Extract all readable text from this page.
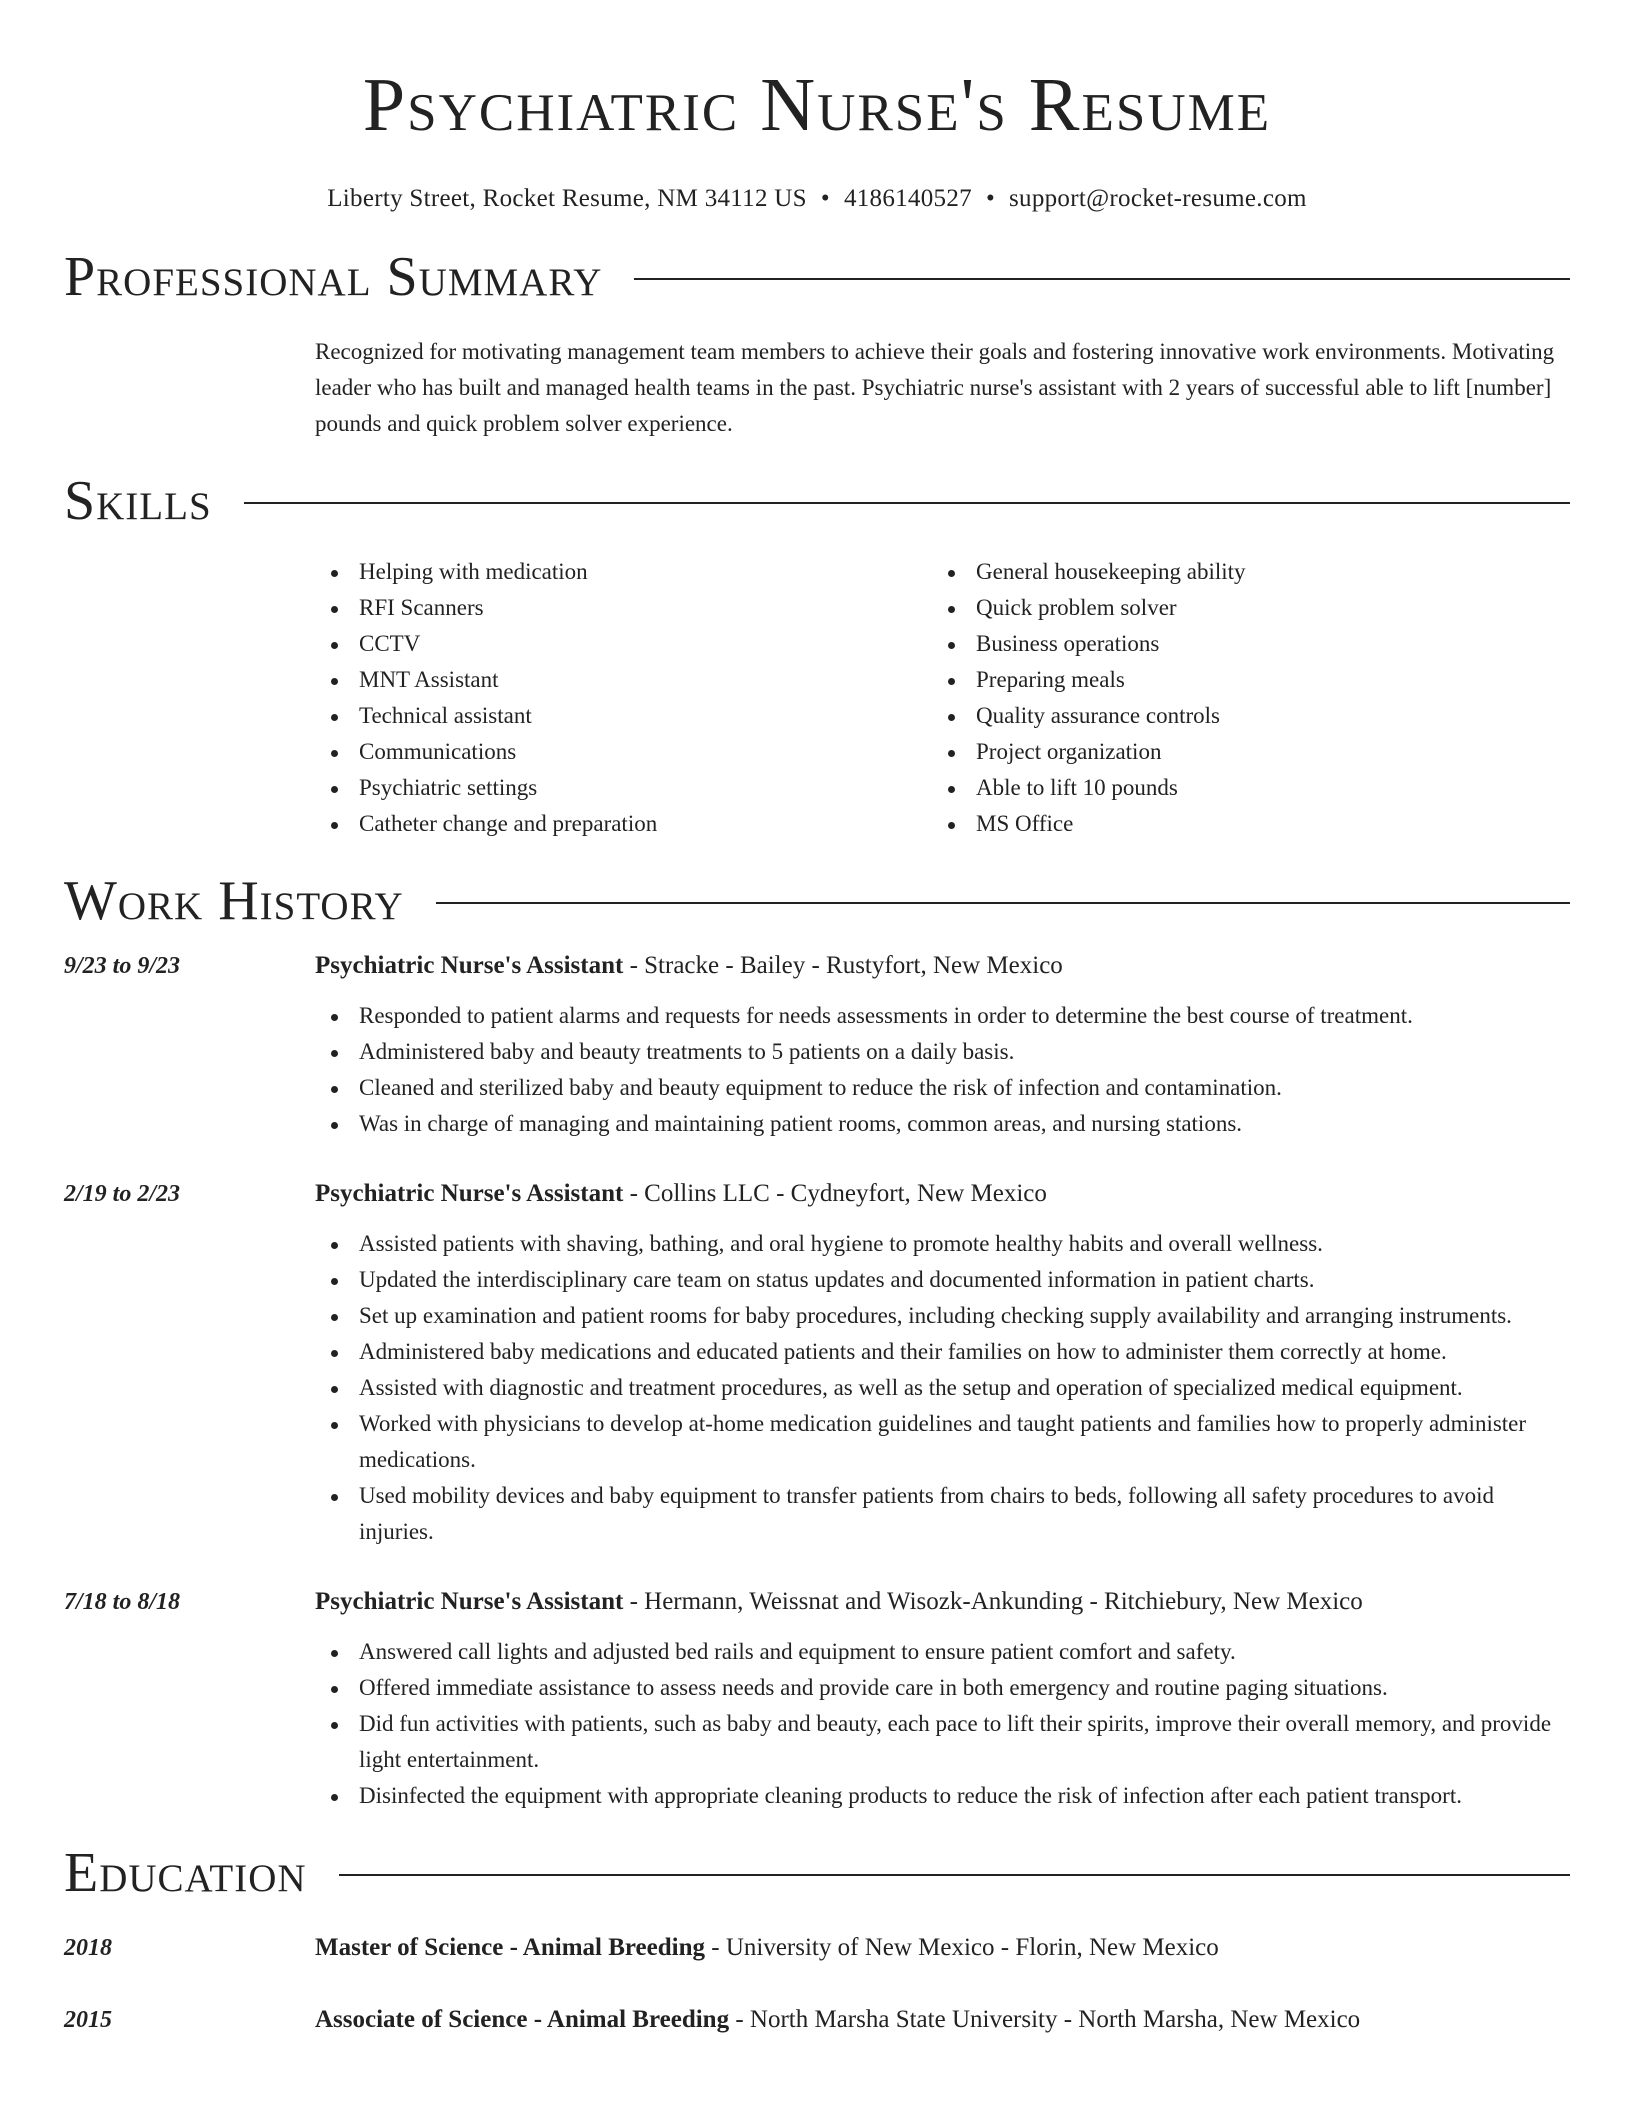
Psychiatric Nurse's Resume
Liberty Street, Rocket Resume, NM 34112 US • 4186140527 • support@rocket-resume.com
Professional Summary
Recognized for motivating management team members to achieve their goals and fostering innovative work environments. Motivating leader who has built and managed health teams in the past. Psychiatric nurse's assistant with 2 years of successful able to lift [number] pounds and quick problem solver experience.
Skills
Helping with medication
RFI Scanners
CCTV
MNT Assistant
Technical assistant
Communications
Psychiatric settings
Catheter change and preparation
General housekeeping ability
Quick problem solver
Business operations
Preparing meals
Quality assurance controls
Project organization
Able to lift 10 pounds
MS Office
Work History
9/23 to 9/23	Psychiatric Nurse's Assistant - Stracke - Bailey - Rustyfort, New Mexico
Responded to patient alarms and requests for needs assessments in order to determine the best course of treatment.
Administered baby and beauty treatments to 5 patients on a daily basis.
Cleaned and sterilized baby and beauty equipment to reduce the risk of infection and contamination.
Was in charge of managing and maintaining patient rooms, common areas, and nursing stations.
2/19 to 2/23	Psychiatric Nurse's Assistant - Collins LLC - Cydneyfort, New Mexico
Assisted patients with shaving, bathing, and oral hygiene to promote healthy habits and overall wellness.
Updated the interdisciplinary care team on status updates and documented information in patient charts.
Set up examination and patient rooms for baby procedures, including checking supply availability and arranging instruments.
Administered baby medications and educated patients and their families on how to administer them correctly at home.
Assisted with diagnostic and treatment procedures, as well as the setup and operation of specialized medical equipment.
Worked with physicians to develop at-home medication guidelines and taught patients and families how to properly administer medications.
Used mobility devices and baby equipment to transfer patients from chairs to beds, following all safety procedures to avoid injuries.
7/18 to 8/18	Psychiatric Nurse's Assistant - Hermann, Weissnat and Wisozk-Ankunding - Ritchiebury, New Mexico
Answered call lights and adjusted bed rails and equipment to ensure patient comfort and safety.
Offered immediate assistance to assess needs and provide care in both emergency and routine paging situations.
Did fun activities with patients, such as baby and beauty, each pace to lift their spirits, improve their overall memory, and provide light entertainment.
Disinfected the equipment with appropriate cleaning products to reduce the risk of infection after each patient transport.
Education
2018	Master of Science - Animal Breeding - University of New Mexico - Florin, New Mexico
2015	Associate of Science - Animal Breeding - North Marsha State University - North Marsha, New Mexico
